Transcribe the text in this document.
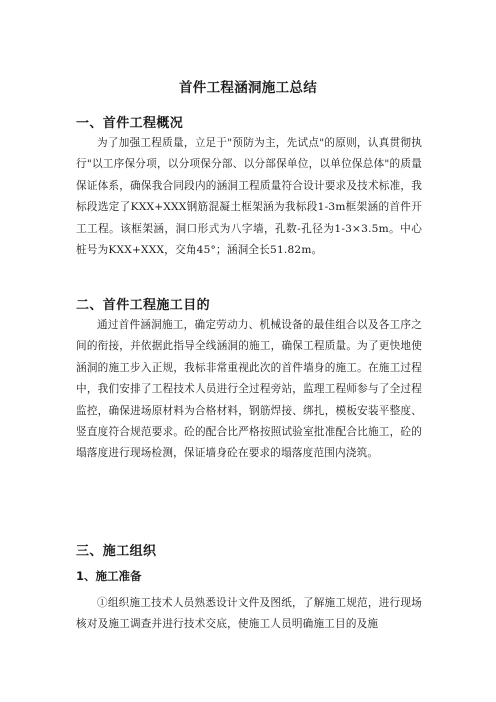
首件工程涵洞施工总结
一、首件工程概况

为了加强工程质量，立足于"预防为主，先试点"的原则，认真贯彻执行"以工序保分项，以分项保分部、以分部保单位，以单位保总体"的质量保证体系，确保我合同段内的涵洞工程质量符合设计要求及技术标准，我标段选定了KXX+XXX钢筋混凝土框架涵为我标段1-3m框架涵的首件开工工程。该框架涵，洞口形式为八字墙，孔数-孔径为1-3×3.5m。中心桩号为KXX+XXX，交角45°；涵洞全长51.82m。

二、首件工程施工目的

通过首件涵洞施工，确定劳动力、机械设备的最佳组合以及各工序之间的衔接，并依据此指导全线涵洞的施工，确保工程质量。为了更快地使涵洞的施工步入正规，我标非常重视此次的首件墙身的施工。在施工过程中，我们安排了工程技术人员进行全过程旁站，监理工程师参与了全过程监控，确保进场原材料为合格材料，钢筋焊接、绑扎，模板安装平整度、竖直度符合规范要求。砼的配合比严格按照试验室批准配合比施工，砼的塌落度进行现场检测，保证墙身砼在要求的塌落度范围内浇筑。

三、施工组织
1、施工准备

①组织施工技术人员熟悉设计文件及图纸，了解施工规范，进行现场核对及施工调查并进行技术交底，使施工人员明确施工目的及施
